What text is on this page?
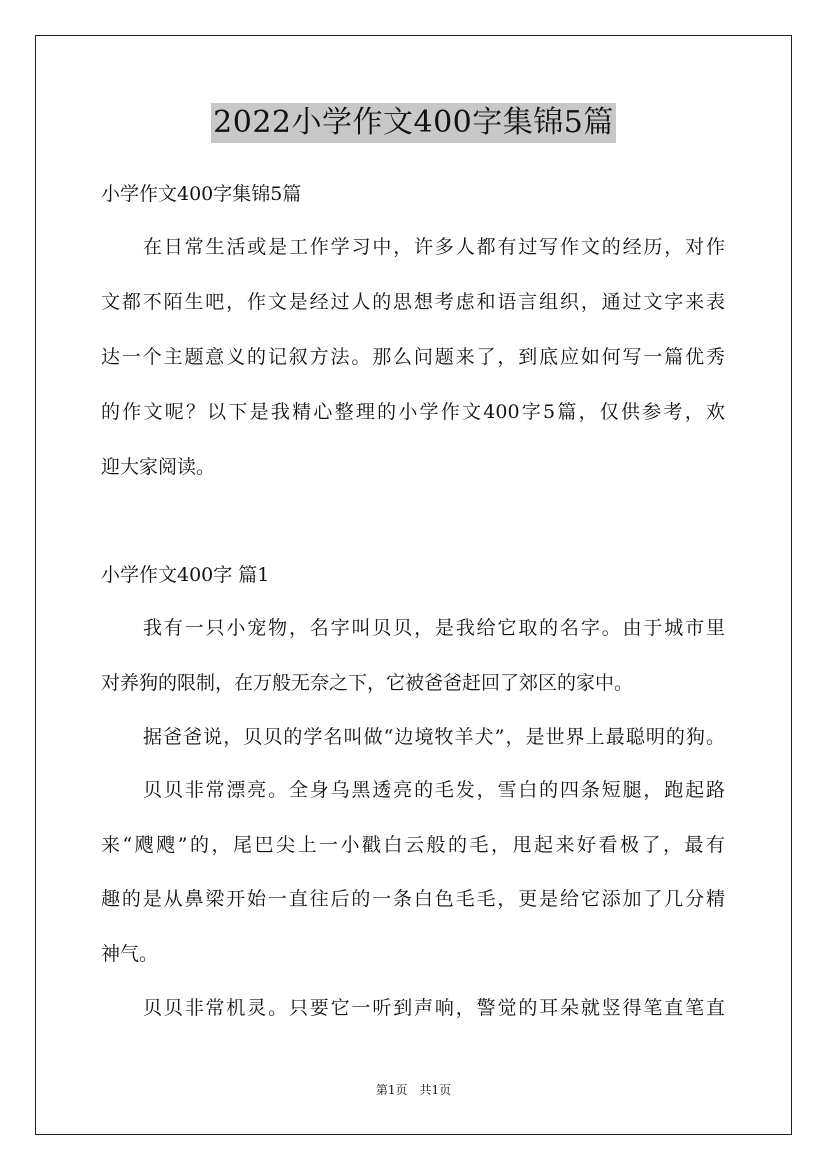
2022小学作文400字集锦5篇
小学作文400字集锦5篇
在日常生活或是工作学习中，许多人都有过写作文的经历，对作
文都不陌生吧，作文是经过人的思想考虑和语言组织，通过文字来表
达一个主题意义的记叙方法。那么问题来了，到底应如何写一篇优秀
的作文呢？以下是我精心整理的小学作文400字5篇，仅供参考，欢
迎大家阅读。
小学作文400字 篇1
我有一只小宠物，名字叫贝贝，是我给它取的名字。由于城市里
对养狗的限制，在万般无奈之下，它被爸爸赶回了郊区的家中。
据爸爸说，贝贝的学名叫做“边境牧羊犬”，是世界上最聪明的狗。
贝贝非常漂亮。全身乌黑透亮的毛发，雪白的四条短腿，跑起路
来“飕飕”的，尾巴尖上一小戳白云般的毛，甩起来好看极了，最有
趣的是从鼻梁开始一直往后的一条白色毛毛，更是给它添加了几分精
神气。
贝贝非常机灵。只要它一听到声响，警觉的耳朵就竖得笔直笔直
第1页　共1页
